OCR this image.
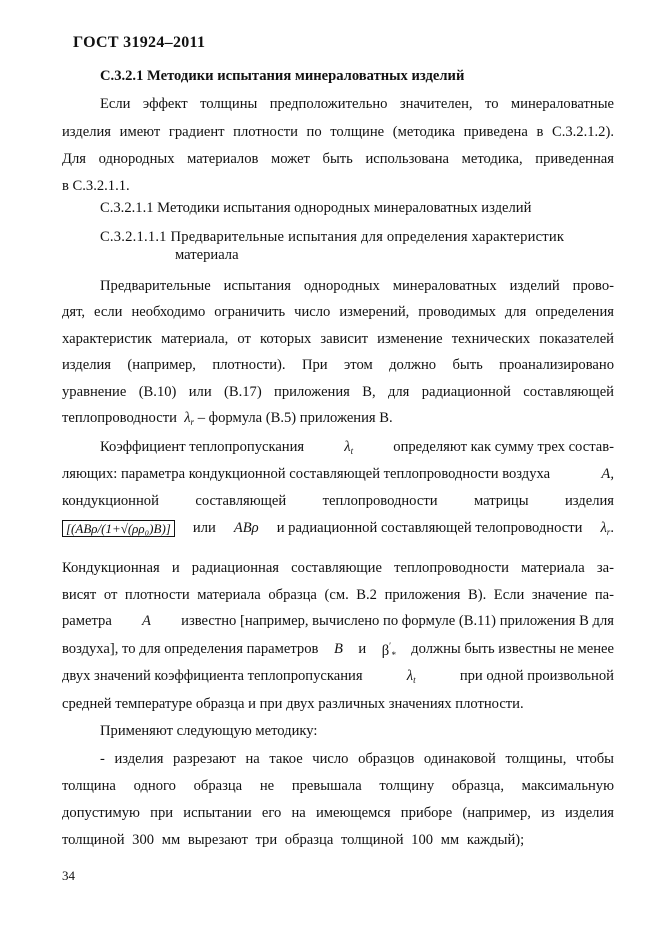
ГОСТ 31924–2011
С.3.2.1 Методики испытания минераловатных изделий
Если эффект толщины предположительно значителен, то минераловатные
изделия имеют градиент плотности по толщине (методика приведена в С.3.2.1.2).
Для однородных материалов может быть использована методика, приведенная
в С.3.2.1.1.
С.3.2.1.1 Методики испытания однородных минераловатных изделий
С.3.2.1.1.1 Предварительные испытания для определения характеристик
материала
Предварительные испытания однородных минераловатных изделий прово-
дят, если необходимо ограничить число измерений, проводимых для определения
характеристик материала, от которых зависит изменение технических показателей
изделия (например, плотности). При этом должно быть проанализировано
уравнение (В.10) или (В.17) приложения В, для радиационной составляющей
теплопроводности $\lambda_r$ – формула (В.5) приложения В.
Коэффициент теплопропускания	$\lambda_t$	определяют как сумму трех состав-
ляющих: параметра кондукционной составляющей теплопроводности воздуха	A,
кондукционной составляющей теплопроводности матрицы изделия
[(ABρ/(1+√(ρρ₀)B)] или ABρ и радиационной составляющей телопроводности $\lambda_r$.
Кондукционная и радиационная составляющие теплопроводности материала за-
висят от плотности материала образца (см. В.2 приложения В). Если значение па-
раметра A известно [например, вычислено по формуле (В.11) приложения В для
воздуха], то для определения параметров B и $\beta'_*$ должны быть известны не менее
двух значений коэффициента теплопропускания	$\lambda_t$	при одной произвольной
средней температуре образца и при двух различных значениях плотности.
Применяют следующую методику:
- изделия разрезают на такое число образцов одинаковой толщины, чтобы
толщина одного образца не превышала толщину образца, максимальную
допустимую при испытании его на имеющемся приборе (например, из изделия
толщиной 300 мм вырезают три образца толщиной 100 мм каждый);
34
